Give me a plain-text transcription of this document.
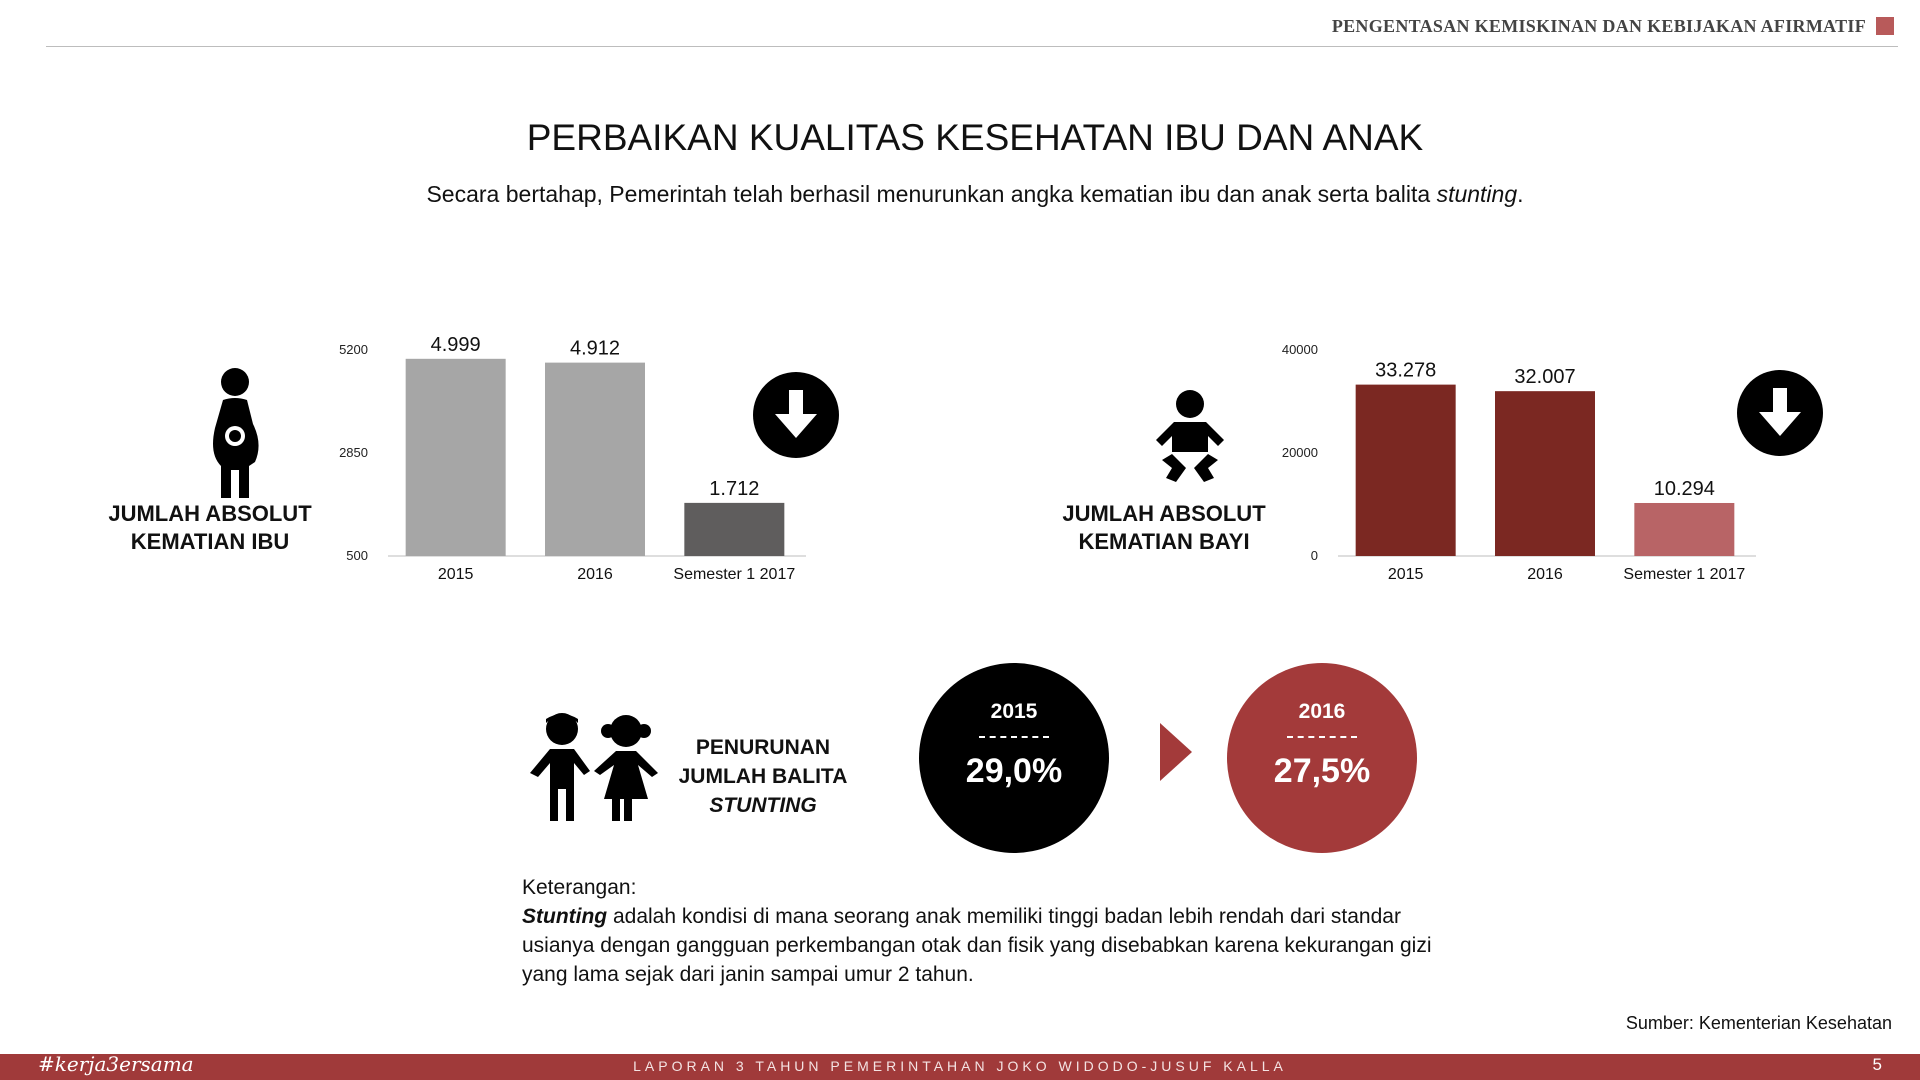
PENGENTASAN KEMISKINAN DAN KEBIJAKAN AFIRMATIF
PERBAIKAN KUALITAS KESEHATAN IBU DAN ANAK
Secara bertahap, Pemerintah telah berhasil menurunkan angka kematian ibu dan anak serta balita stunting.
JUMLAH ABSOLUT
KEMATIAN IBU
5200
2850
500
4.999
2015
4.912
2016
1.712
Semester 1 2017
JUMLAH ABSOLUT
KEMATIAN BAYI
40000
20000
0
33.278
2015
32.007
2016
10.294
Semester 1 2017
PENURUNAN
JUMLAH BALITA
STUNTING
2015
29,0%
2016
27,5%
Keterangan:
Stunting adalah kondisi di mana seorang anak memiliki tinggi badan lebih rendah dari standar usianya dengan gangguan perkembangan otak dan fisik yang disebabkan karena kekurangan gizi yang lama sejak dari janin sampai umur 2 tahun.
Sumber: Kementerian Kesehatan
#kerja3ersama	LAPORAN 3 TAHUN PEMERINTAHAN JOKO WIDODO-JUSUF KALLA	5
